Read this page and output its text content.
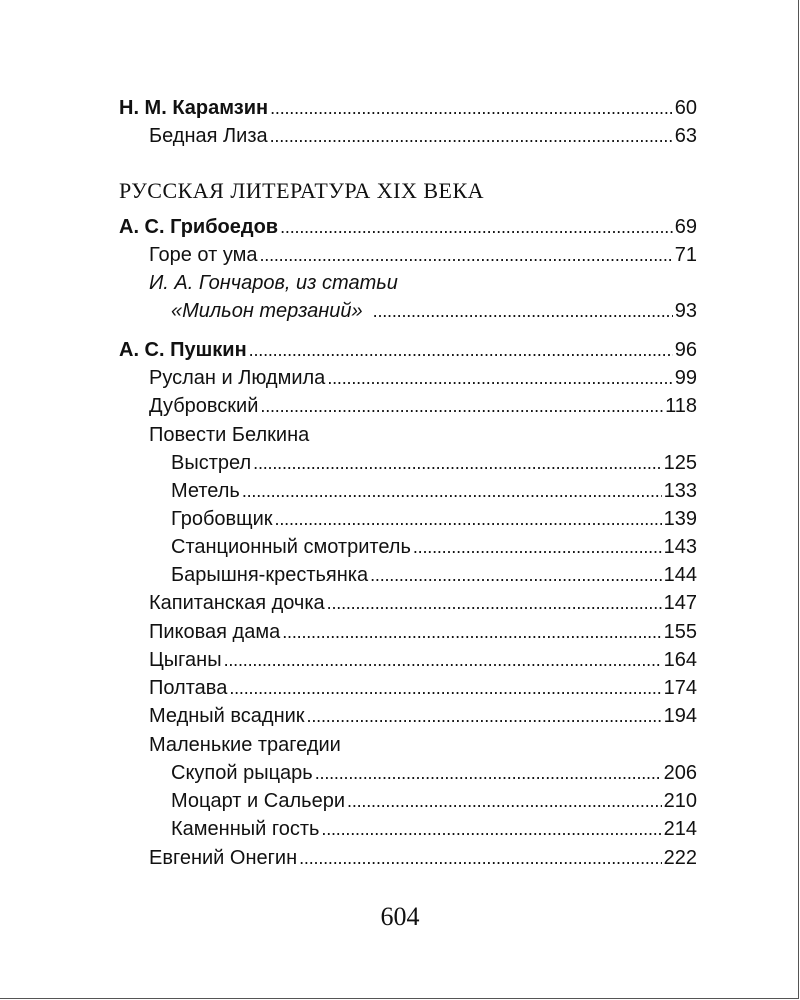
Н. М. Карамзин . . .	60
Бедная Лиза . . .	63
РУССКАЯ ЛИТЕРАТУРА XIX ВЕКА
А. С. Грибоедов . . .	69
Горе от ума . . .	71
И. А. Гончаров, из статьи
«Мильон терзаний» . . .	93
А. С. Пушкин . . .	96
Руслан и Людмила . . .	99
Дубровский . . .	118
Повести Белкина
Выстрел . . .	125
Метель . . .	133
Гробовщик . . .	139
Станционный смотритель . . .	143
Барышня-крестьянка . . .	144
Капитанская дочка . . .	147
Пиковая дама . . .	155
Цыганы . . .	164
Полтава . . .	174
Медный всадник . . .	194
Маленькие трагедии
Скупой рыцарь . . .	206
Моцарт и Сальери . . .	210
Каменный гость . . .	214
Евгений Онегин . . .	222
604
